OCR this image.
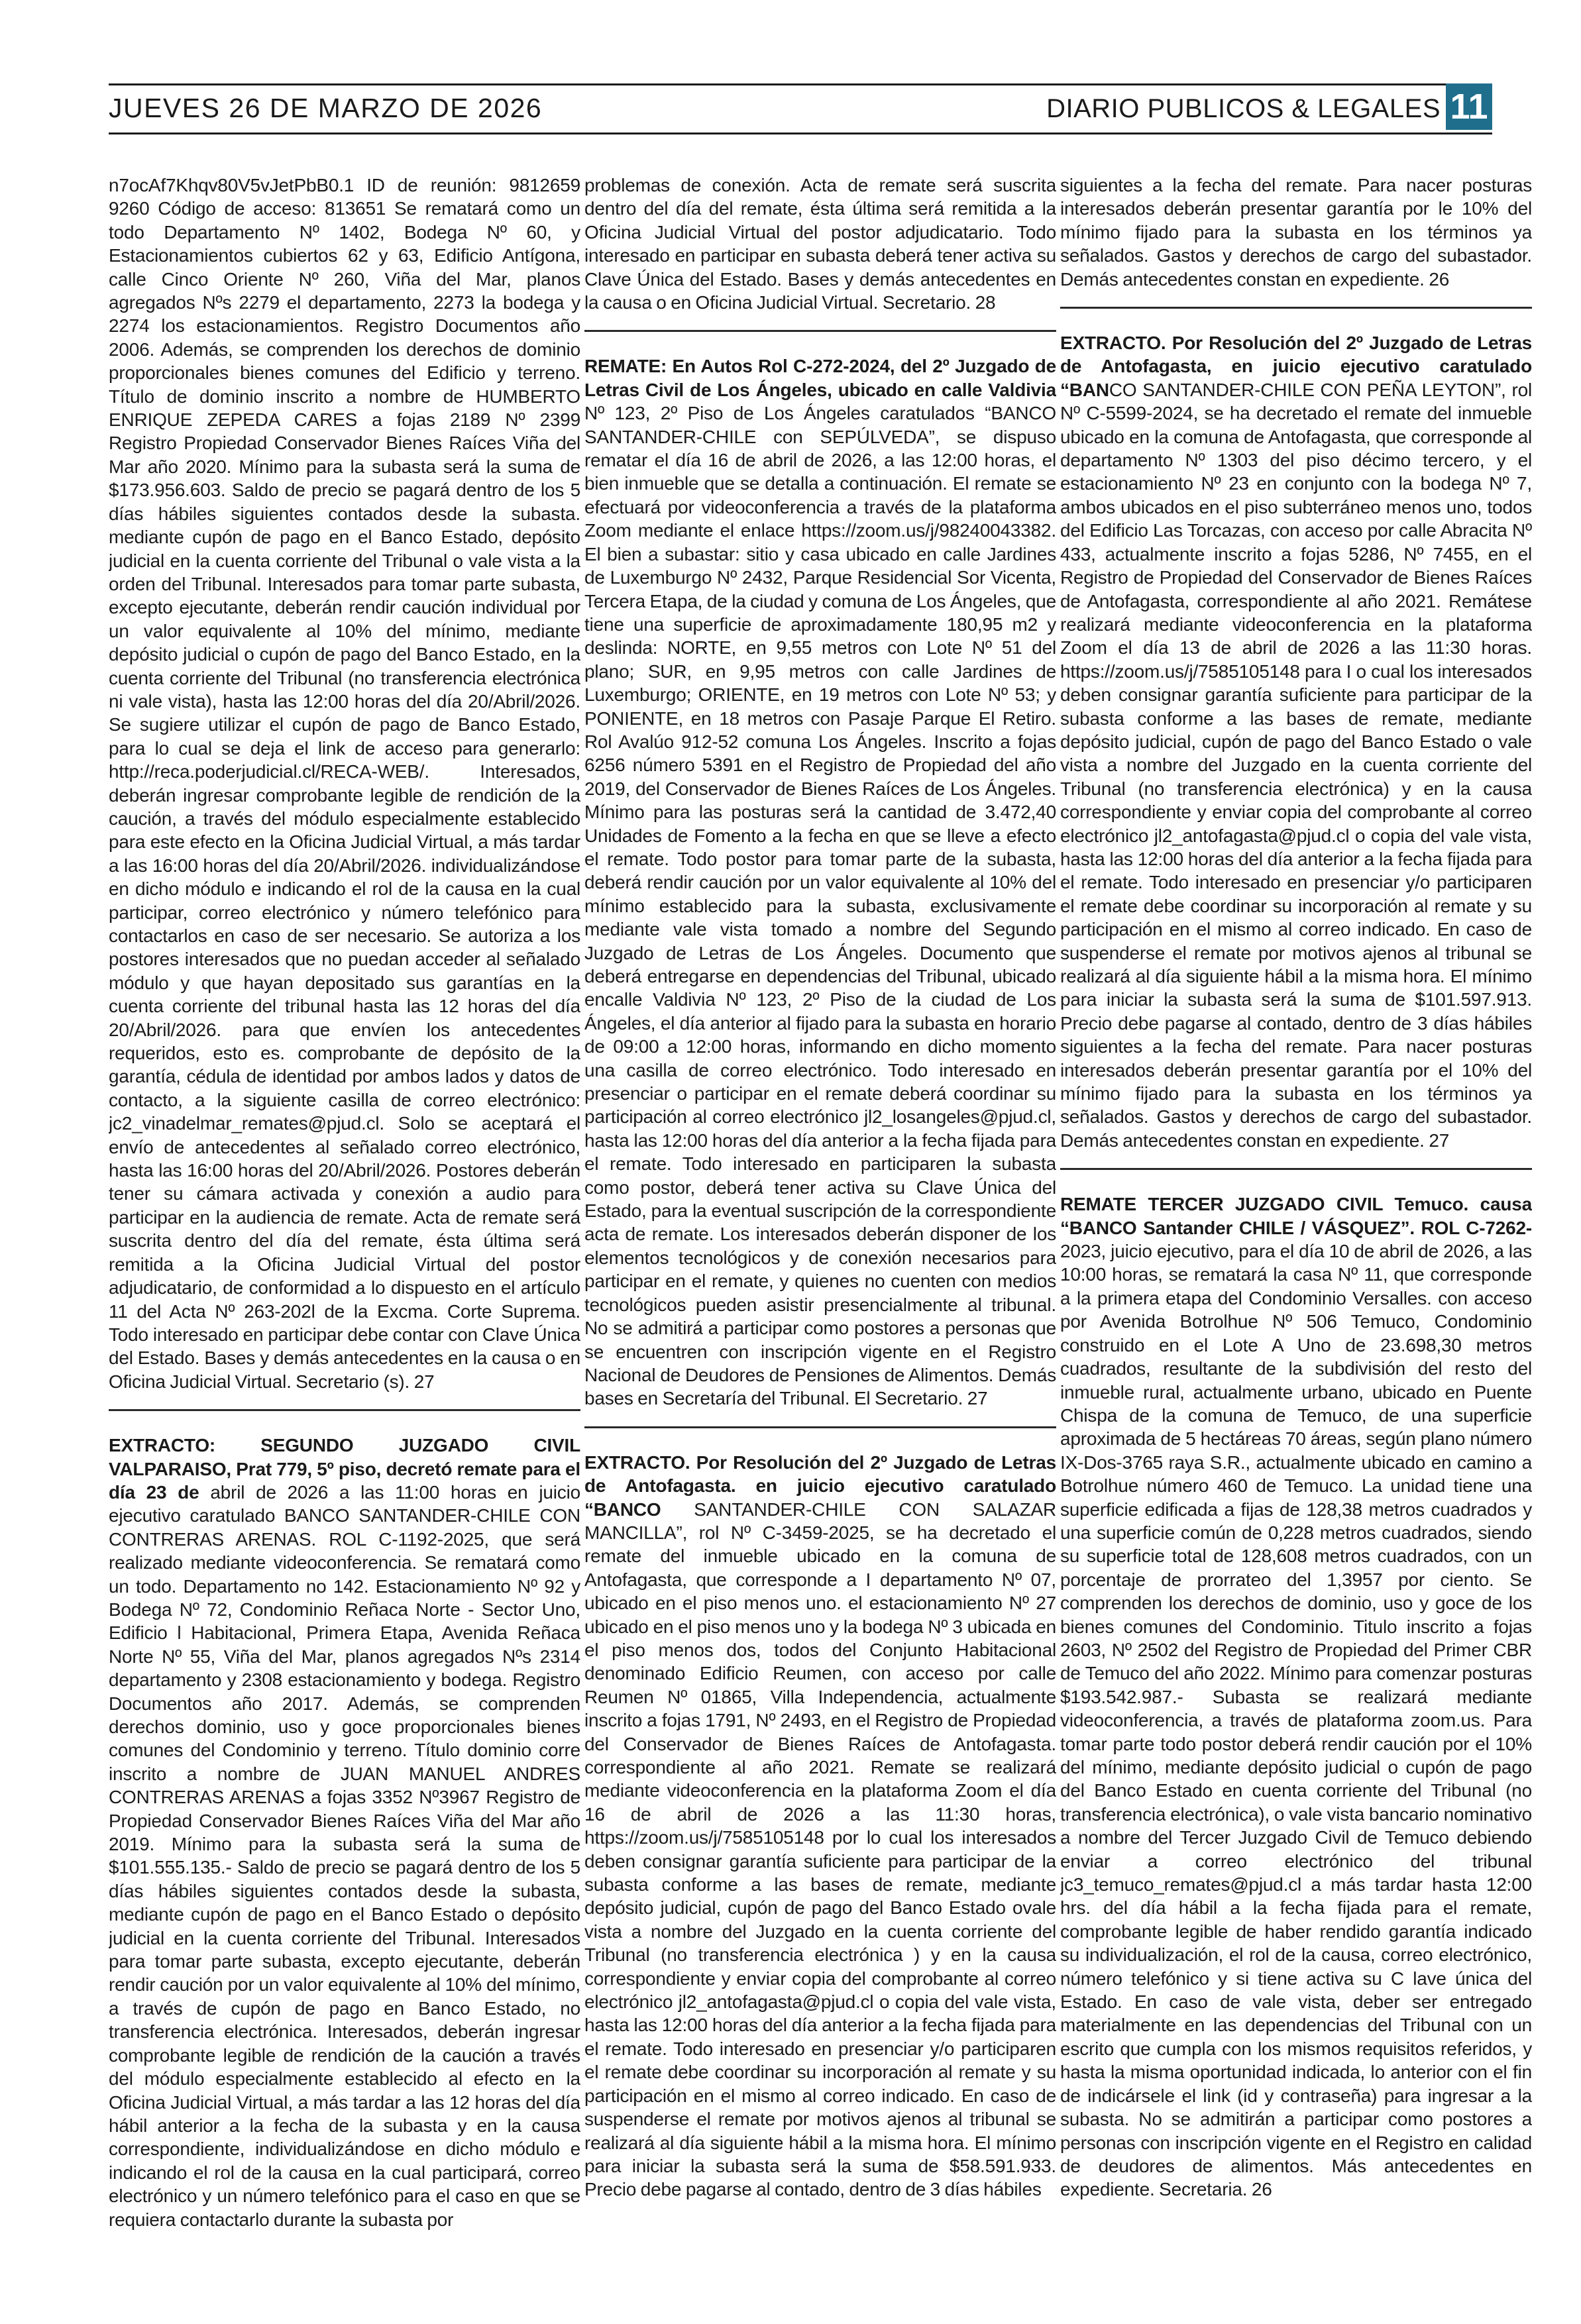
JUEVES 26 DE MARZO DE 2026	DIARIO PUBLICOS & LEGALES 11

n7ocAf7Khqv80V5vJetPbB0.1 ID de reunión: 9812659 9260 Código de acceso: 813651 Se rematará como un todo Departamento Nº 1402, Bodega Nº 60, y Estacionamientos cubiertos 62 y 63, Edificio Antígona, calle Cinco Oriente Nº 260, Viña del Mar, planos agregados Nºs 2279 el departamento, 2273 la bodega y 2274 los estacionamientos. Registro Documentos año 2006. Además, se comprenden los derechos de dominio proporcionales bienes comunes del Edificio y terreno. Título de dominio inscrito a nombre de HUMBERTO ENRIQUE ZEPEDA CARES a fojas 2189 Nº 2399 Registro Propiedad Conservador Bienes Raíces Viña del Mar año 2020. Mínimo para la subasta será la suma de $173.956.603. Saldo de precio se pagará dentro de los 5 días hábiles siguientes contados desde la subasta. mediante cupón de pago en el Banco Estado, depósito judicial en la cuenta corriente del Tribunal o vale vista a la orden del Tribunal. Interesados para tomar parte subasta, excepto ejecutante, deberán rendir caución individual por un valor equivalente al 10% del mínimo, mediante depósito judicial o cupón de pago del Banco Estado, en la cuenta corriente del Tribunal (no transferencia electrónica ni vale vista), hasta las 12:00 horas del día 20/Abril/2026. Se sugiere utilizar el cupón de pago de Banco Estado, para lo cual se deja el link de acceso para generarlo: http://reca.poderjudicial.cl/RECA-WEB/. Interesados, deberán ingresar comprobante legible de rendición de la caución, a través del módulo especialmente establecido para este efecto en la Oficina Judicial Virtual, a más tardar a las 16:00 horas del día 20/Abril/2026. individualizándose en dicho módulo e indicando el rol de la causa en la cual participar, correo electrónico y número telefónico para contactarlos en caso de ser necesario. Se autoriza a los postores interesados que no puedan acceder al señalado módulo y que hayan depositado sus garantías en la cuenta corriente del tribunal hasta las 12 horas del día 20/Abril/2026. para que envíen los antecedentes requeridos, esto es. comprobante de depósito de la garantía, cédula de identidad por ambos lados y datos de contacto, a la siguiente casilla de correo electrónico: jc2_vinadelmar_remates@pjud.cl. Solo se aceptará el envío de antecedentes al señalado correo electrónico, hasta las 16:00 horas del 20/Abril/2026. Postores deberán tener su cámara activada y conexión a audio para participar en la audiencia de remate. Acta de remate será suscrita dentro del día del remate, ésta última será remitida a la Oficina Judicial Virtual del postor adjudicatario, de conformidad a lo dispuesto en el artículo 11 del Acta Nº 263-202l de la Excma. Corte Suprema. Todo interesado en participar debe contar con Clave Única del Estado. Bases y demás antecedentes en la causa o en Oficina Judicial Virtual. Secretario (s). 27

EXTRACTO: SEGUNDO JUZGADO CIVIL VALPARAISO, Prat 779, 5º piso, decretó remate para el día 23 de abril de 2026 a las 11:00 horas en juicio ejecutivo caratulado BANCO SANTANDER-CHILE CON CONTRERAS ARENAS. ROL C-1192-2025, que será realizado mediante videoconferencia. Se rematará como un todo. Departamento no 142. Estacionamiento Nº 92 y Bodega Nº 72, Condominio Reñaca Norte - Sector Uno, Edificio l Habitacional, Primera Etapa, Avenida Reñaca Norte Nº 55, Viña del Mar, planos agregados Nºs 2314 departamento y 2308 estacionamiento y bodega. Registro Documentos año 2017. Además, se comprenden derechos dominio, uso y goce proporcionales bienes comunes del Condominio y terreno. Título dominio corre inscrito a nombre de JUAN MANUEL ANDRES CONTRERAS ARENAS a fojas 3352 Nº3967 Registro de Propiedad Conservador Bienes Raíces Viña del Mar año 2019. Mínimo para la subasta será la suma de $101.555.135.- Saldo de precio se pagará dentro de los 5 días hábiles siguientes contados desde la subasta, mediante cupón de pago en el Banco Estado o depósito judicial en la cuenta corriente del Tribunal. Interesados para tomar parte subasta, excepto ejecutante, deberán rendir caución por un valor equivalente al 10% del mínimo, a través de cupón de pago en Banco Estado, no transferencia electrónica. Interesados, deberán ingresar comprobante legible de rendición de la caución a través del módulo especialmente establecido al efecto en la Oficina Judicial Virtual, a más tardar a las 12 horas del día hábil anterior a la fecha de la subasta y en la causa correspondiente, individualizándose en dicho módulo e indicando el rol de la causa en la cual participará, correo electrónico y un número telefónico para el caso en que se requiera contactarlo durante la subasta por

problemas de conexión. Acta de remate será suscrita dentro del día del remate, ésta última será remitida a la Oficina Judicial Virtual del postor adjudicatario. Todo interesado en participar en subasta deberá tener activa su Clave Única del Estado. Bases y demás antecedentes en la causa o en Oficina Judicial Virtual. Secretario. 28

REMATE: En Autos Rol C-272-2024, del 2º Juzgado de Letras Civil de Los Ángeles, ubicado en calle Valdivia Nº 123, 2º Piso de Los Ángeles caratulados “BANCO SANTANDER-CHILE con SEPÚLVEDA”, se dispuso rematar el día 16 de abril de 2026, a las 12:00 horas, el bien inmueble que se detalla a continuación. El remate se efectuará por videoconferencia a través de la plataforma Zoom mediante el enlace https://zoom.us/j/98240043382. El bien a subastar: sitio y casa ubicado en calle Jardines de Luxemburgo Nº 2432, Parque Residencial Sor Vicenta, Tercera Etapa, de la ciudad y comuna de Los Ángeles, que tiene una superficie de aproximadamente 180,95 m2 y deslinda: NORTE, en 9,55 metros con Lote Nº 51 del plano; SUR, en 9,95 metros con calle Jardines de Luxemburgo; ORIENTE, en 19 metros con Lote Nº 53; y PONIENTE, en 18 metros con Pasaje Parque El Retiro. Rol Avalúo 912-52 comuna Los Ángeles. Inscrito a fojas 6256 número 5391 en el Registro de Propiedad del año 2019, del Conservador de Bienes Raíces de Los Ángeles. Mínimo para las posturas será la cantidad de 3.472,40 Unidades de Fomento a la fecha en que se lleve a efecto el remate. Todo postor para tomar parte de la subasta, deberá rendir caución por un valor equivalente al 10% del mínimo establecido para la subasta, exclusivamente mediante vale vista tomado a nombre del Segundo Juzgado de Letras de Los Ángeles. Documento que deberá entregarse en dependencias del Tribunal, ubicado encalle Valdivia Nº 123, 2º Piso de la ciudad de Los Ángeles, el día anterior al fijado para la subasta en horario de 09:00 a 12:00 horas, informando en dicho momento una casilla de correo electrónico. Todo interesado en presenciar o participar en el remate deberá coordinar su participación al correo electrónico jl2_losangeles@pjud.cl, hasta las 12:00 horas del día anterior a la fecha fijada para el remate. Todo interesado en participaren la subasta como postor, deberá tener activa su Clave Única del Estado, para la eventual suscripción de la correspondiente acta de remate. Los interesados deberán disponer de los elementos tecnológicos y de conexión necesarios para participar en el remate, y quienes no cuenten con medios tecnológicos pueden asistir presencialmente al tribunal. No se admitirá a participar como postores a personas que se encuentren con inscripción vigente en el Registro Nacional de Deudores de Pensiones de Alimentos. Demás bases en Secretaría del Tribunal. El Secretario. 27

EXTRACTO. Por Resolución del 2º Juzgado de Letras de Antofagasta. en juicio ejecutivo caratulado “BANCO SANTANDER-CHILE CON SALAZAR MANCILLA”, rol Nº C-3459-2025, se ha decretado el remate del inmueble ubicado en la comuna de Antofagasta, que corresponde a I departamento Nº 07, ubicado en el piso menos uno. el estacionamiento Nº 27 ubicado en el piso menos uno y la bodega Nº 3 ubicada en el piso menos dos, todos del Conjunto Habitacional denominado Edificio Reumen, con acceso por calle Reumen Nº 01865, Villa Independencia, actualmente inscrito a fojas 1791, Nº 2493, en el Registro de Propiedad del Conservador de Bienes Raíces de Antofagasta. correspondiente al año 2021. Remate se realizará mediante videoconferencia en la plataforma Zoom el día 16 de abril de 2026 a las 11:30 horas, https://zoom.us/j/7585105148 por lo cual los interesados deben consignar garantía suficiente para participar de la subasta conforme a las bases de remate, mediante depósito judicial, cupón de pago del Banco Estado ovale vista a nombre del Juzgado en la cuenta corriente del Tribunal (no transferencia electrónica ) y en la causa correspondiente y enviar copia del comprobante al correo electrónico jl2_antofagasta@pjud.cl o copia del vale vista, hasta las 12:00 horas del día anterior a la fecha fijada para el remate. Todo interesado en presenciar y/o participaren el remate debe coordinar su incorporación al remate y su participación en el mismo al correo indicado. En caso de suspenderse el remate por motivos ajenos al tribunal se realizará al día siguiente hábil a la misma hora. El mínimo para iniciar la subasta será la suma de $58.591.933. Precio debe pagarse al contado, dentro de 3 días hábiles

siguientes a la fecha del remate. Para nacer posturas interesados deberán presentar garantía por le 10% del mínimo fijado para la subasta en los términos ya señalados. Gastos y derechos de cargo del subastador. Demás antecedentes constan en expediente. 26

EXTRACTO. Por Resolución del 2º Juzgado de Letras de Antofagasta, en juicio ejecutivo caratulado “BANCO SANTANDER-CHILE CON PEÑA LEYTON”, rol Nº C-5599-2024, se ha decretado el remate del inmueble ubicado en la comuna de Antofagasta, que corresponde al departamento Nº 1303 del piso décimo tercero, y el estacionamiento Nº 23 en conjunto con la bodega Nº 7, ambos ubicados en el piso subterráneo menos uno, todos del Edificio Las Torcazas, con acceso por calle Abracita Nº 433, actualmente inscrito a fojas 5286, Nº 7455, en el Registro de Propiedad del Conservador de Bienes Raíces de Antofagasta, correspondiente al año 2021. Remátese realizará mediante videoconferencia en la plataforma Zoom el día 13 de abril de 2026 a las 11:30 horas. https://zoom.us/j/7585105148 para I o cual los interesados deben consignar garantía suficiente para participar de la subasta conforme a las bases de remate, mediante depósito judicial, cupón de pago del Banco Estado o vale vista a nombre del Juzgado en la cuenta corriente del Tribunal (no transferencia electrónica) y en la causa correspondiente y enviar copia del comprobante al correo electrónico jl2_antofagasta@pjud.cl o copia del vale vista, hasta las 12:00 horas del día anterior a la fecha fijada para el remate. Todo interesado en presenciar y/o participaren el remate debe coordinar su incorporación al remate y su participación en el mismo al correo indicado. En caso de suspenderse el remate por motivos ajenos al tribunal se realizará al día siguiente hábil a la misma hora. El mínimo para iniciar la subasta será la suma de $101.597.913. Precio debe pagarse al contado, dentro de 3 días hábiles siguientes a la fecha del remate. Para nacer posturas interesados deberán presentar garantía por el 10% del mínimo fijado para la subasta en los términos ya señalados. Gastos y derechos de cargo del subastador. Demás antecedentes constan en expediente. 27

REMATE TERCER JUZGADO CIVIL Temuco. causa “BANCO Santander CHILE / VÁSQUEZ”. ROL C-7262-2023, juicio ejecutivo, para el día 10 de abril de 2026, a las 10:00 horas, se rematará la casa Nº 11, que corresponde a la primera etapa del Condominio Versalles. con acceso por Avenida Botrolhue Nº 506 Temuco, Condominio construido en el Lote A Uno de 23.698,30 metros cuadrados, resultante de la subdivisión del resto del inmueble rural, actualmente urbano, ubicado en Puente Chispa de la comuna de Temuco, de una superficie aproximada de 5 hectáreas 70 áreas, según plano número IX-Dos-3765 raya S.R., actualmente ubicado en camino a Botrolhue número 460 de Temuco. La unidad tiene una superficie edificada a fijas de 128,38 metros cuadrados y una superficie común de 0,228 metros cuadrados, siendo su superficie total de 128,608 metros cuadrados, con un porcentaje de prorrateo del 1,3957 por ciento. Se comprenden los derechos de dominio, uso y goce de los bienes comunes del Condominio. Titulo inscrito a fojas 2603, Nº 2502 del Registro de Propiedad del Primer CBR de Temuco del año 2022. Mínimo para comenzar posturas $193.542.987.- Subasta se realizará mediante videoconferencia, a través de plataforma zoom.us. Para tomar parte todo postor deberá rendir caución por el 10% del mínimo, mediante depósito judicial o cupón de pago del Banco Estado en cuenta corriente del Tribunal (no transferencia electrónica), o vale vista bancario nominativo a nombre del Tercer Juzgado Civil de Temuco debiendo enviar a correo electrónico del tribunal jc3_temuco_remates@pjud.cl a más tardar hasta 12:00 hrs. del día hábil a la fecha fijada para el remate, comprobante legible de haber rendido garantía indicado su individualización, el rol de la causa, correo electrónico, número telefónico y si tiene activa su C lave única del Estado. En caso de vale vista, deber ser entregado materialmente en las dependencias del Tribunal con un escrito que cumpla con los mismos requisitos referidos, y hasta la misma oportunidad indicada, lo anterior con el fin de indicársele el link (id y contraseña) para ingresar a la subasta. No se admitirán a participar como postores a personas con inscripción vigente en el Registro en calidad de deudores de alimentos. Más antecedentes en expediente. Secretaria. 26
